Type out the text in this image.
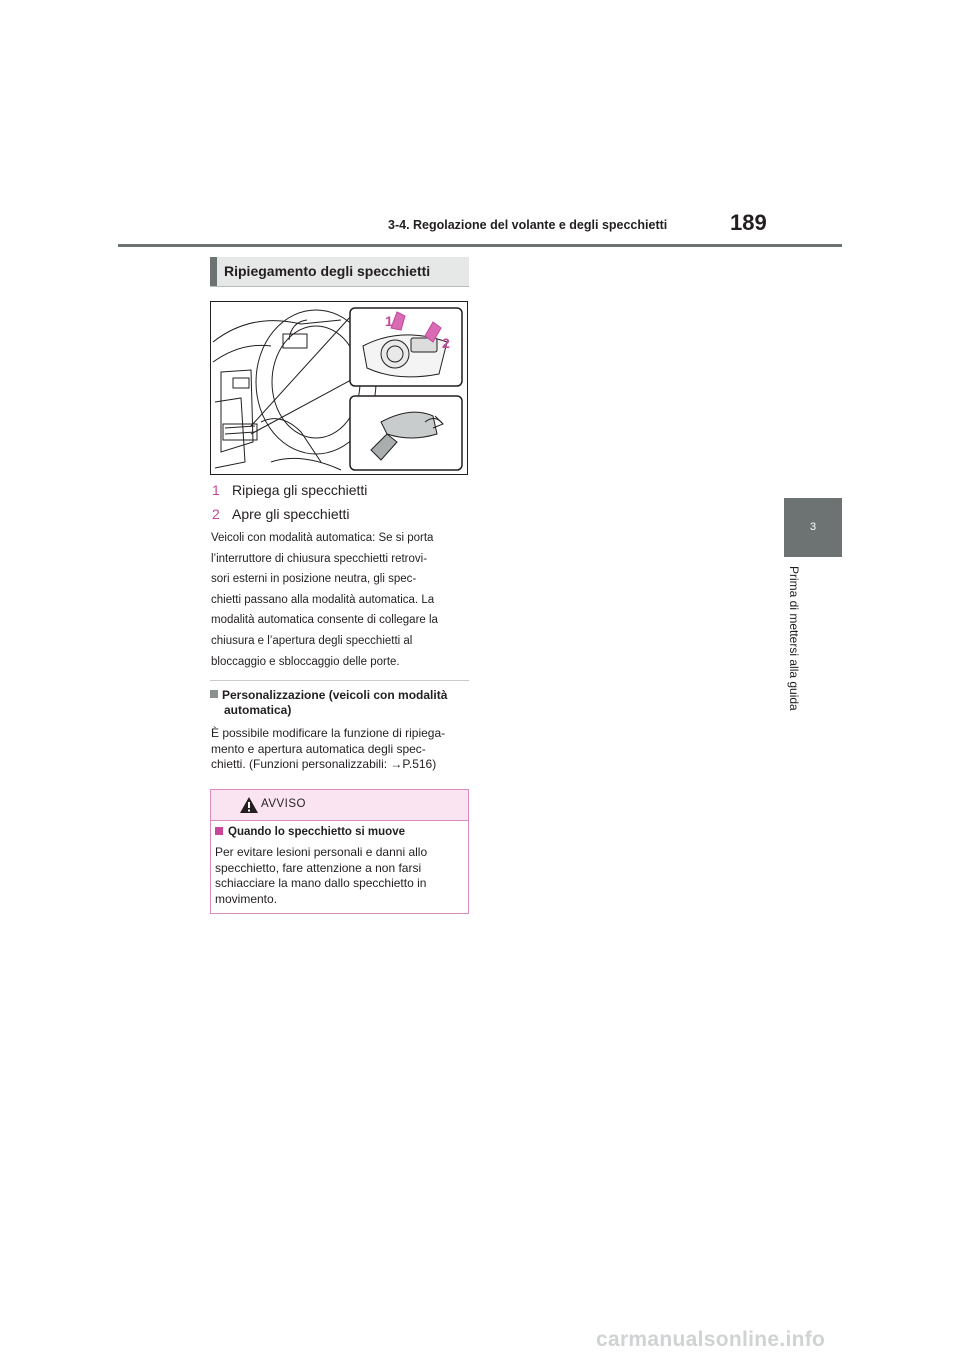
3-4. Regolazione del volante e degli specchietti	189
3
Prima di mettersi alla guida
Ripiegamento degli specchietti
1
2
1 Ripiega gli specchietti
2 Apre gli specchietti
Veicoli con modalità automatica: Se si porta
l’interruttore di chiusura specchietti retrovi-
sori esterni in posizione neutra, gli spec-
chietti passano alla modalità automatica. La
modalità automatica consente di collegare la
chiusura e l’apertura degli specchietti al
bloccaggio e sbloccaggio delle porte.
Personalizzazione (veicoli con modalità
automatica)
È possibile modificare la funzione di ripiega-
mento e apertura automatica degli spec-
chietti. (Funzioni personalizzabili: →P.516)
AVVISO
Quando lo specchietto si muove
Per evitare lesioni personali e danni allo
specchietto, fare attenzione a non farsi
schiacciare la mano dallo specchietto in
movimento.
carmanualsonline.info
